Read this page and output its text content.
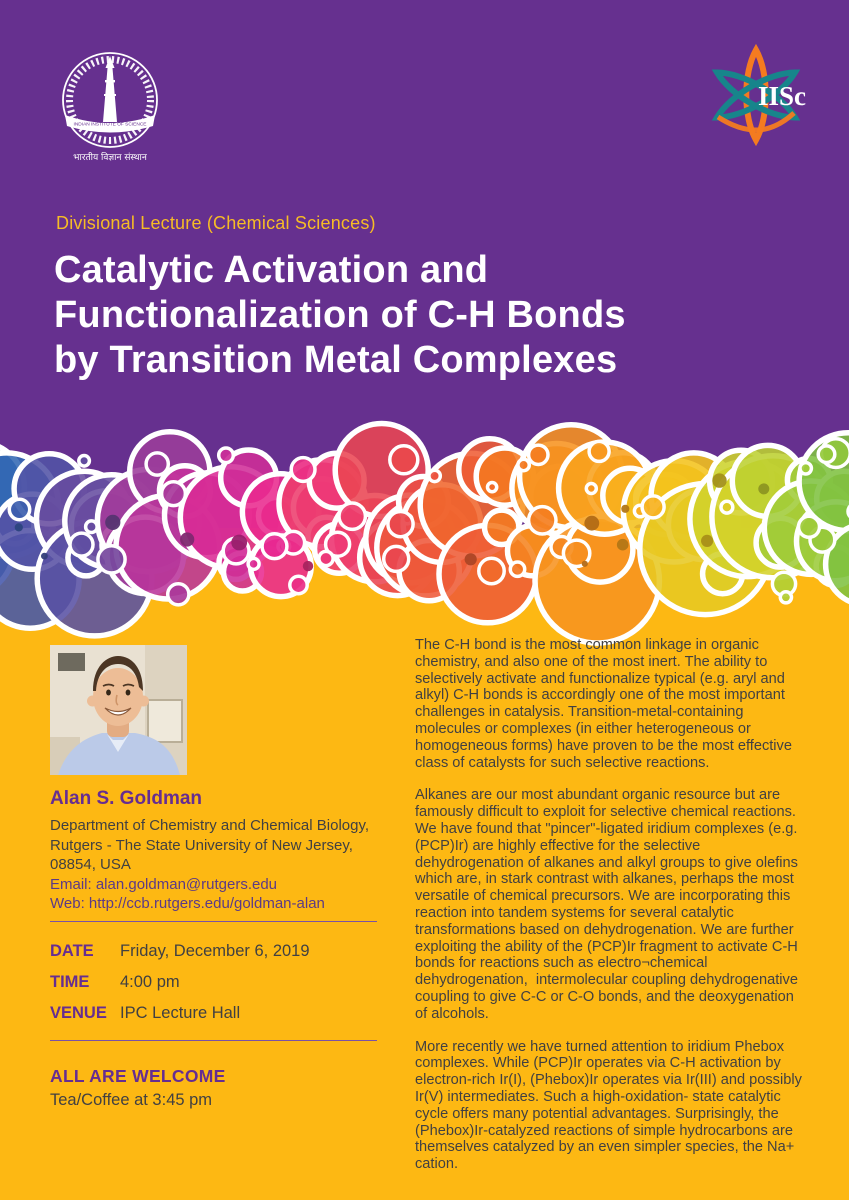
INDIAN INSTITUTE OF SCIENCE
भारतीय विज्ञान संस्थान
IISc
Divisional Lecture (Chemical Sciences)
Catalytic Activation and
Functionalization of C-H Bonds
by Transition Metal Complexes
Alan S. Goldman
Department of Chemistry and Chemical Biology,
Rutgers - The State University of New Jersey,
08854, USA
Email: alan.goldman@rutgers.edu
Web: http://ccb.rutgers.edu/goldman-alan
DATE	Friday, December 6, 2019
TIME	4:00 pm
VENUE IPC Lecture Hall
ALL ARE WELCOME
Tea/Coffee at 3:45 pm

The C-H bond is the most common linkage in organic chemistry, and also one of the most inert. The ability to selectively activate and functionalize typical (e.g. aryl and alkyl) C-H bonds is accordingly one of the most important challenges in catalysis. Transition-metal-containing molecules or complexes (in either heterogeneous or homogeneous forms) have proven to be the most effective class of catalysts for such selective reactions.

Alkanes are our most abundant organic resource but are famously difficult to exploit for selective chemical reactions. We have found that "pincer"-ligated iridium complexes (e.g. (PCP)Ir) are highly effective for the selective dehydrogenation of alkanes and alkyl groups to give olefins which are, in stark contrast with alkanes, perhaps the most versatile of chemical precursors. We are incorporating this reaction into tandem systems for several catalytic transformations based on dehydrogenation. We are further exploiting the ability of the (PCP)Ir fragment to activate C-H bonds for reactions such as electro¬chemical dehydrogenation,  intermolecular coupling dehydrogenative coupling to give C-C or C-O bonds, and the deoxygenation of alcohols.

More recently we have turned attention to iridium Phebox complexes. While (PCP)Ir operates via C-H activation by electron-rich Ir(I), (Phebox)Ir operates via Ir(III) and possibly Ir(V) intermediates. Such a high-oxidation- state catalytic cycle offers many potential advantages. Surprisingly, the (Phebox)Ir-catalyzed reactions of simple hydrocarbons are themselves catalyzed by an even simpler species, the Na+ cation.
